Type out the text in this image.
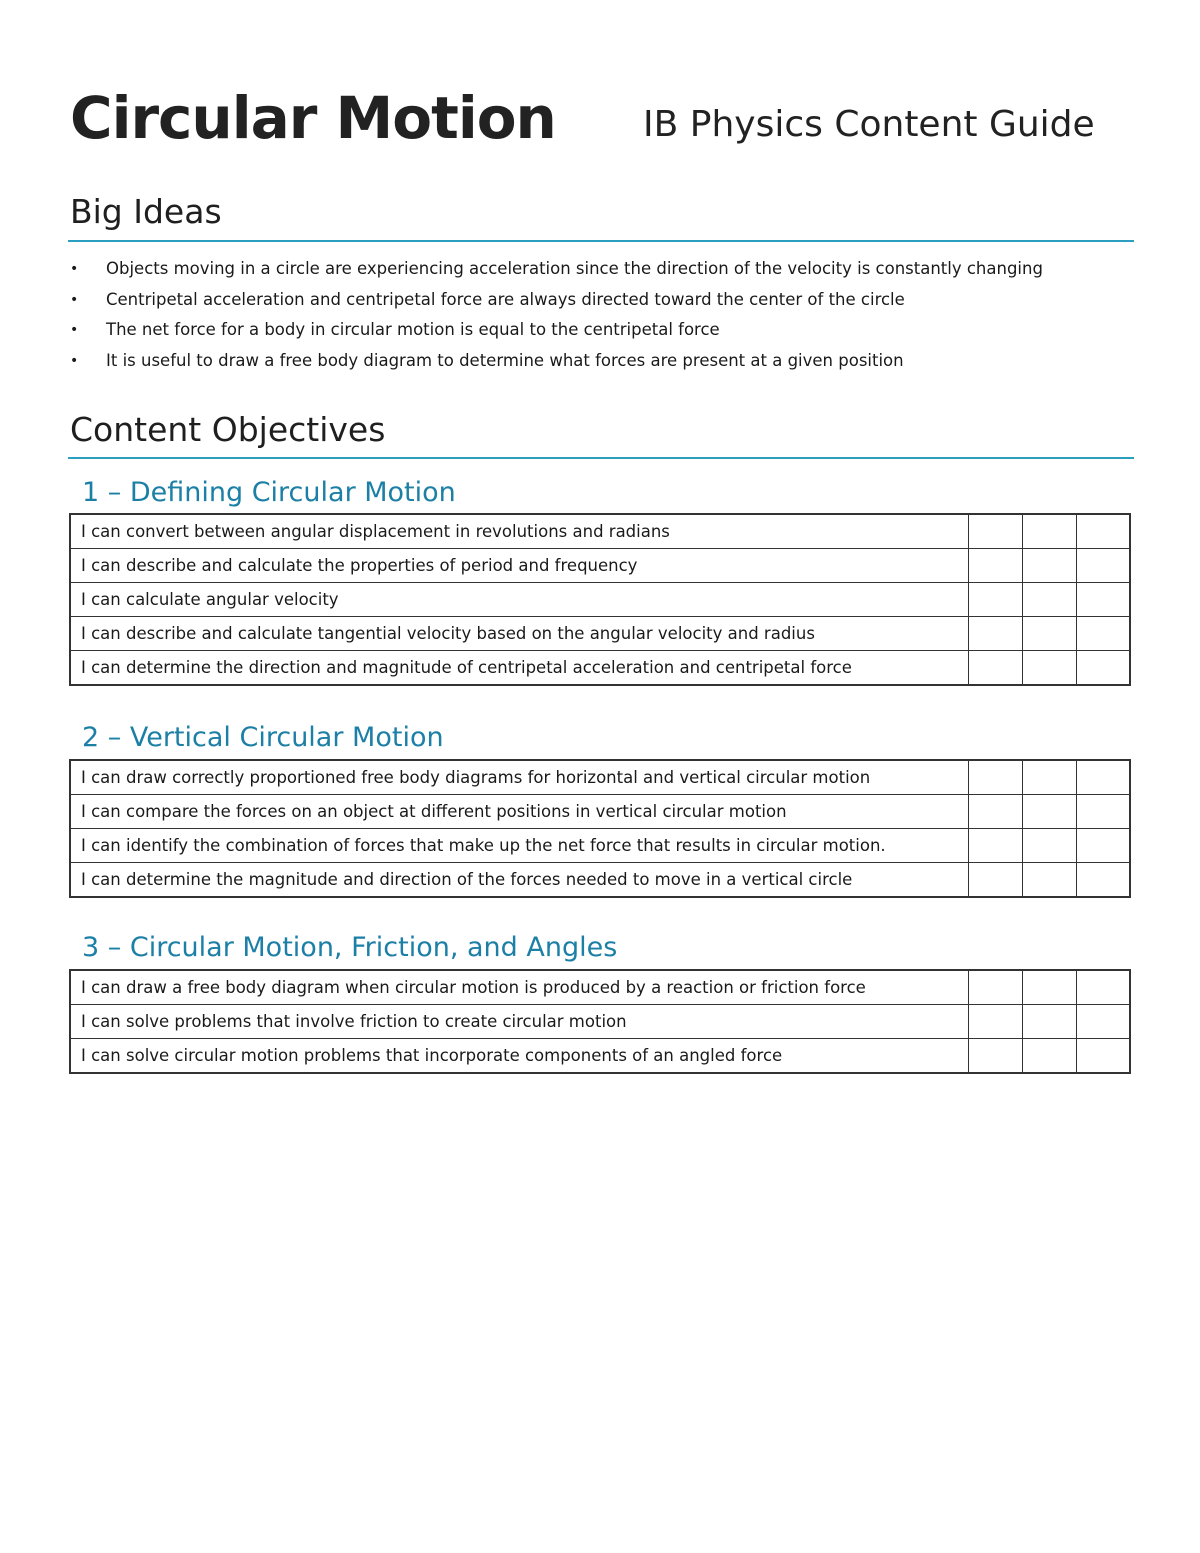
Circular Motion IB Physics Content Guide
Big Ideas
• Objects moving in a circle are experiencing acceleration since the direction of the velocity is constantly changing
• Centripetal acceleration and centripetal force are always directed toward the center of the circle
• The net force for a body in circular motion is equal to the centripetal force
• It is useful to draw a free body diagram to determine what forces are present at a given position
Content Objectives
1 – Defining Circular Motion
I can convert between angular displacement in revolutions and radians			
I can describe and calculate the properties of period and frequency			
I can calculate angular velocity			
I can describe and calculate tangential velocity based on the angular velocity and radius			
I can determine the direction and magnitude of centripetal acceleration and centripetal force			
2 – Vertical Circular Motion
I can draw correctly proportioned free body diagrams for horizontal and vertical circular motion			
I can compare the forces on an object at different positions in vertical circular motion			
I can identify the combination of forces that make up the net force that results in circular motion.			
I can determine the magnitude and direction of the forces needed to move in a vertical circle			
3 – Circular Motion, Friction, and Angles
I can draw a free body diagram when circular motion is produced by a reaction or friction force			
I can solve problems that involve friction to create circular motion			
I can solve circular motion problems that incorporate components of an angled force			
